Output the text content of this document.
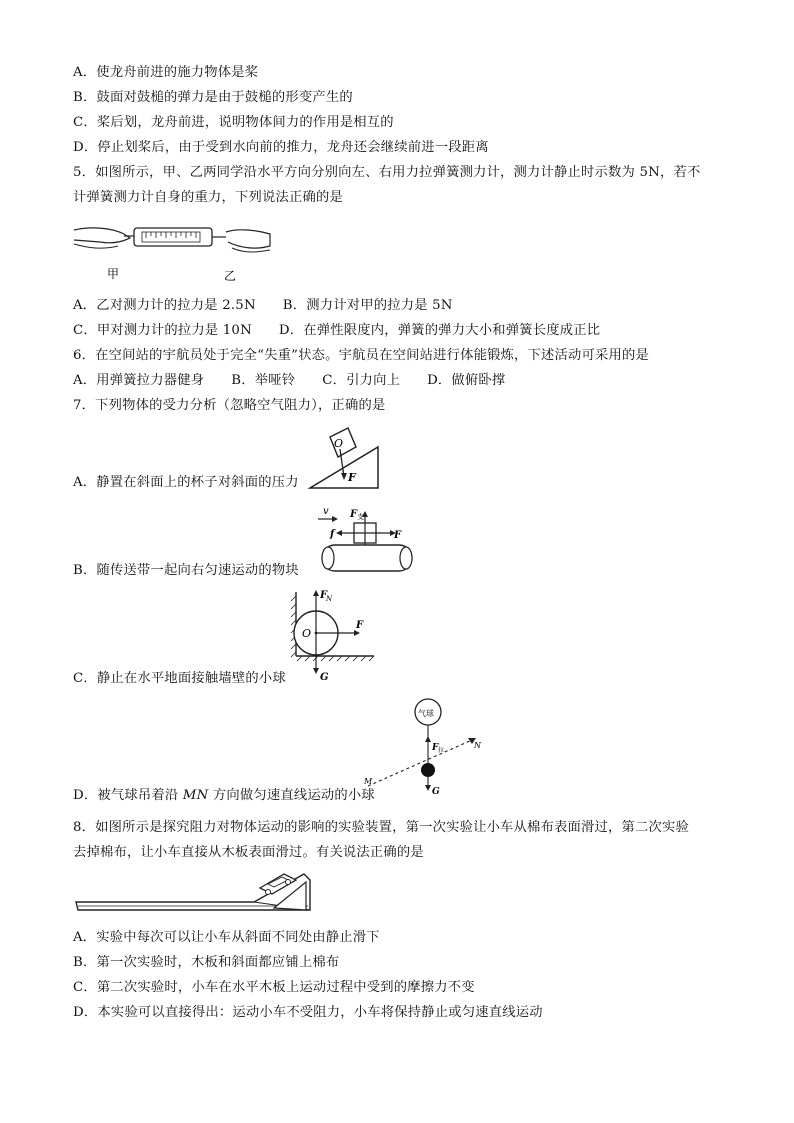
A．使龙舟前进的施力物体是桨
B．鼓面对鼓槌的弹力是由于鼓槌的形变产生的
C．桨后划，龙舟前进，说明物体间力的作用是相互的
D．停止划桨后，由于受到水向前的推力，龙舟还会继续前进一段距离
5．如图所示，甲、乙两同学沿水平方向分别向左、右用力拉弹簧测力计，测力计静止时示数为 5N，若不
计弹簧测力计自身的重力，下列说法正确的是
甲	乙
A．乙对测力计的拉力是 2.5N　　B．测力计对甲的拉力是 5N
C．甲对测力计的拉力是 10N　　D．在弹性限度内，弹簧的弹力大小和弹簧长度成正比
6．在空间站的宇航员处于完全“失重”状态。宇航员在空间站进行体能锻炼，下述活动可采用的是
A．用弹簧拉力器健身　　B．举哑铃　　C．引力向上　　D．做俯卧撑
7．下列物体的受力分析（忽略空气阻力），正确的是
O
F
A．静置在斜面上的杯子对斜面的压力
v F 支
f	F
B．随传送带一起向右匀速运动的物块
O
F
N
F
G
C．静止在水平地面接触墙壁的小球
气球
F 拉
N
M
G
D．被气球吊着沿 MN 方向做匀速直线运动的小球
8．如图所示是探究阻力对物体运动的影响的实验装置，第一次实验让小车从棉布表面滑过，第二次实验
去掉棉布，让小车直接从木板表面滑过。有关说法正确的是
A．实验中每次可以让小车从斜面不同处由静止滑下
B．第一次实验时，木板和斜面都应铺上棉布
C．第二次实验时，小车在水平木板上运动过程中受到的摩擦力不变
D．本实验可以直接得出：运动小车不受阻力，小车将保持静止或匀速直线运动
